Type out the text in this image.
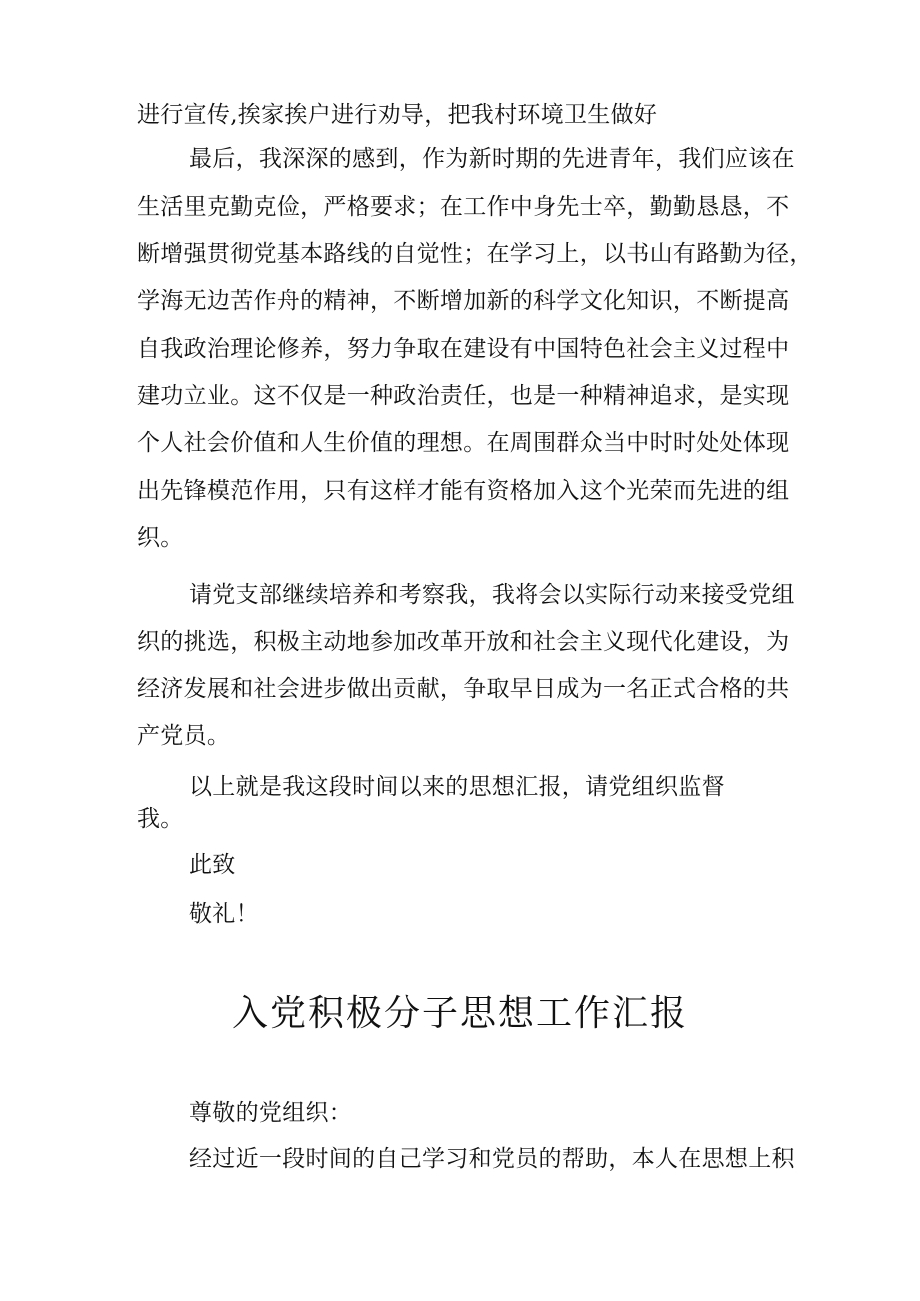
进行宣传,挨家挨户进行劝导，把我村环境卫生做好
最后，我深深的感到，作为新时期的先进青年，我们应该在
生活里克勤克俭，严格要求；在工作中身先士卒，勤勤恳恳，不
断增强贯彻党基本路线的自觉性；在学习上，以书山有路勤为径，
学海无边苦作舟的精神，不断增加新的科学文化知识，不断提高
自我政治理论修养，努力争取在建设有中国特色社会主义过程中
建功立业。这不仅是一种政治责任，也是一种精神追求，是实现
个人社会价值和人生价值的理想。在周围群众当中时时处处体现
出先锋模范作用，只有这样才能有资格加入这个光荣而先进的组
织。
请党支部继续培养和考察我，我将会以实际行动来接受党组
织的挑选，积极主动地参加改革开放和社会主义现代化建设，为
经济发展和社会进步做出贡献，争取早日成为一名正式合格的共
产党员。
以上就是我这段时间以来的思想汇报，请党组织监督
我。
此致
敬礼！
入党积极分子思想工作汇报
尊敬的党组织：
经过近一段时间的自己学习和党员的帮助，本人在思想上积
